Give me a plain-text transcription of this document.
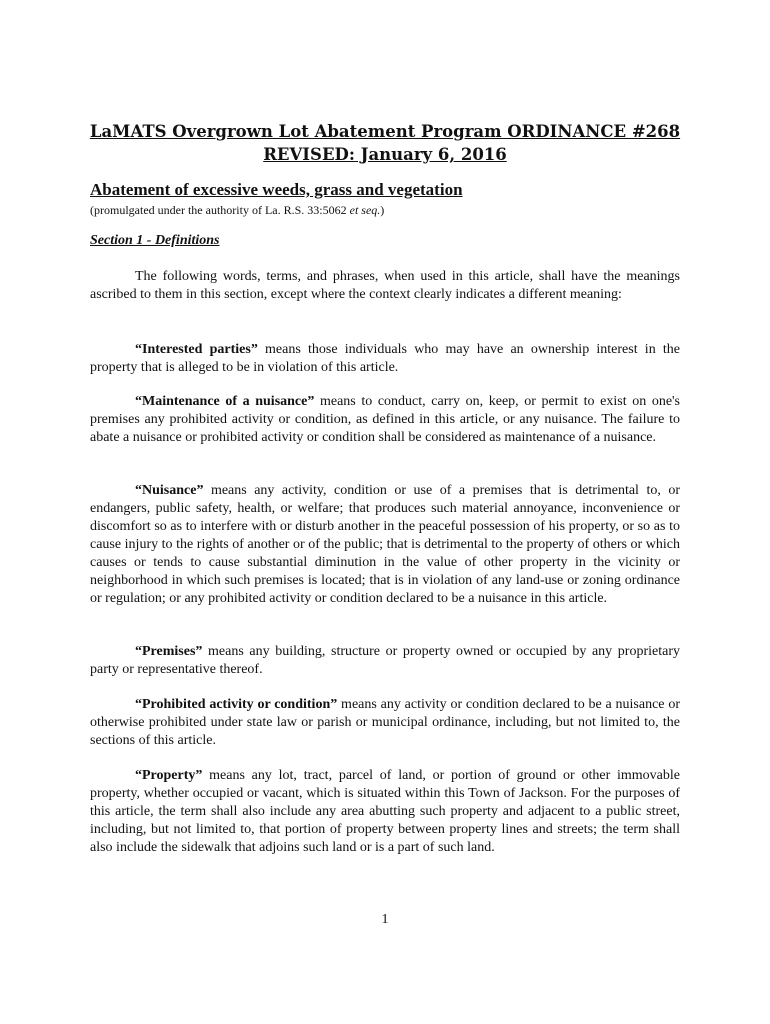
LaMATS Overgrown Lot Abatement Program ORDINANCE #268
REVISED: January 6, 2016
Abatement of excessive weeds, grass and vegetation
(promulgated under the authority of La. R.S. 33:5062 et seq.)
Section 1 - Definitions

The following words, terms, and phrases, when used in this article, shall have the meanings ascribed to them in this section, except where the context clearly indicates a different meaning:

“Interested parties” means those individuals who may have an ownership interest in the property that is alleged to be in violation of this article.

“Maintenance of a nuisance” means to conduct, carry on, keep, or permit to exist on one's premises any prohibited activity or condition, as defined in this article, or any nuisance. The failure to abate a nuisance or prohibited activity or condition shall be considered as maintenance of a nuisance.

“Nuisance” means any activity, condition or use of a premises that is detrimental to, or endangers, public safety, health, or welfare; that produces such material annoyance, inconvenience or discomfort so as to interfere with or disturb another in the peaceful possession of his property, or so as to cause injury to the rights of another or of the public; that is detrimental to the property of others or which causes or tends to cause substantial diminution in the value of other property in the vicinity or neighborhood in which such premises is located; that is in violation of any land-use or zoning ordinance or regulation; or any prohibited activity or condition declared to be a nuisance in this article.

“Premises” means any building, structure or property owned or occupied by any proprietary party or representative thereof.

“Prohibited activity or condition” means any activity or condition declared to be a nuisance or otherwise prohibited under state law or parish or municipal ordinance, including, but not limited to, the sections of this article.

“Property” means any lot, tract, parcel of land, or portion of ground or other immovable property, whether occupied or vacant, which is situated within this Town of Jackson. For the purposes of this article, the term shall also include any area abutting such property and adjacent to a public street, including, but not limited to, that portion of property between property lines and streets; the term shall also include the sidewalk that adjoins such land or is a part of such land.

1
